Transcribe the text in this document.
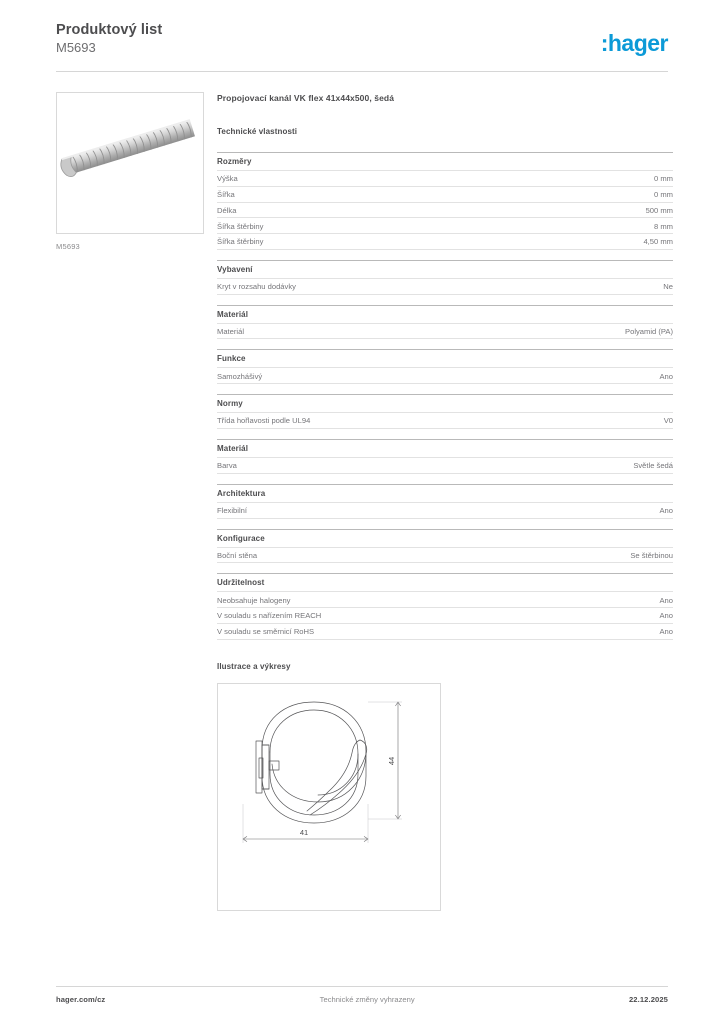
Produktový list
M5693	:hager
M5693
Propojovací kanál VK flex 41x44x500, šedá
Technické vlastnosti
Rozměry
Výška	0 mm
Šířka	0 mm
Délka	500 mm
Šířka štěrbiny	8 mm
Šířka štěrbiny	4,50 mm
Vybavení
Kryt v rozsahu dodávky	Ne
Materiál
Materiál	Polyamid (PA)
Funkce
Samozhášivý	Ano
Normy
Třída hořlavosti podle UL94	V0
Materiál
Barva	Světle šedá
Architektura
Flexibilní	Ano
Konfigurace
Boční stěna	Se štěrbinou
Udržitelnost
Neobsahuje halogeny	Ano
V souladu s nařízením REACH	Ano
V souladu se směrnicí RoHS	Ano
Ilustrace a výkresy
44
41
hager.com/cz	Technické změny vyhrazeny	22.12.2025
